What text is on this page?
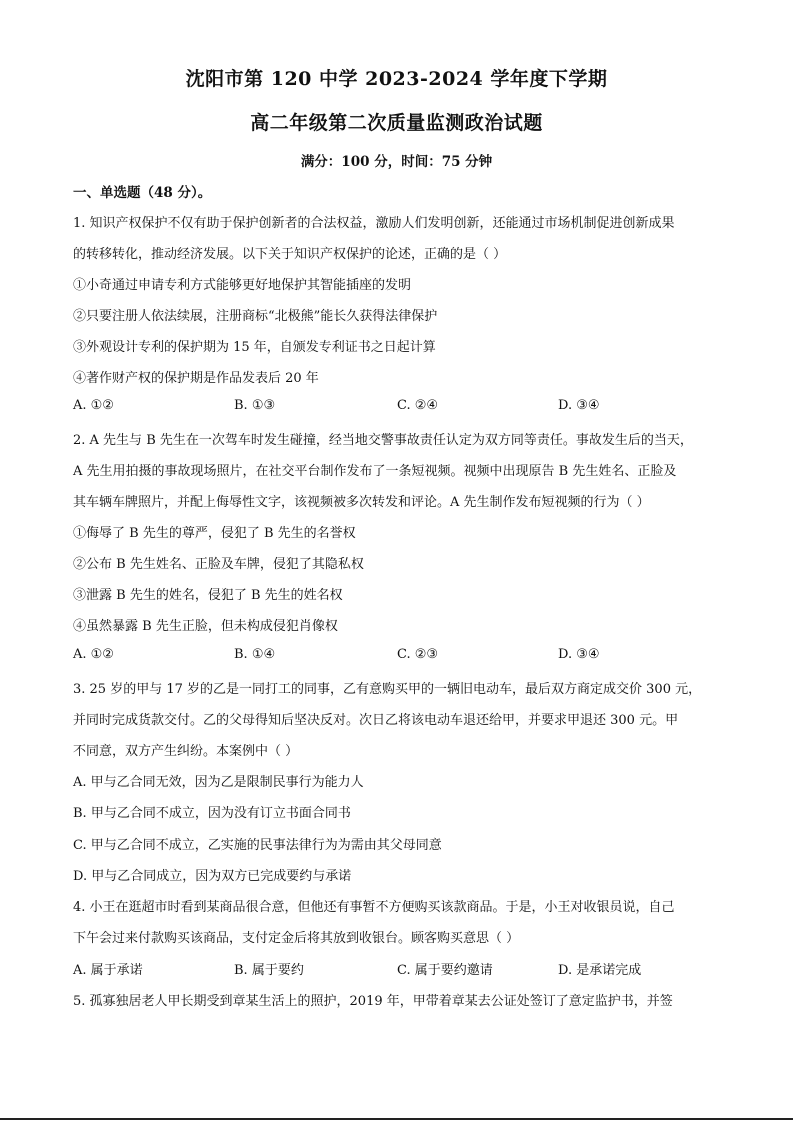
沈阳市第 120 中学 2023-2024 学年度下学期
高二年级第二次质量监测政治试题
满分：100 分，时间：75 分钟
一、单选题（48 分）。
1. 知识产权保护不仅有助于保护创新者的合法权益，激励人们发明创新，还能通过市场机制促进创新成果
的转移转化，推动经济发展。以下关于知识产权保护的论述，正确的是（ ）
①小奇通过申请专利方式能够更好地保护其智能插座的发明
②只要注册人依法续展，注册商标“北极熊”能长久获得法律保护
③外观设计专利的保护期为 15 年，自颁发专利证书之日起计算
④著作财产权的保护期是作品发表后 20 年
A. ①②	B. ①③	C. ②④	D. ③④
2. A 先生与 B 先生在一次驾车时发生碰撞，经当地交警事故责任认定为双方同等责任。事故发生后的当天，
A 先生用拍摄的事故现场照片，在社交平台制作发布了一条短视频。视频中出现原告 B 先生姓名、正脸及
其车辆车牌照片，并配上侮辱性文字，该视频被多次转发和评论。A 先生制作发布短视频的行为（ ）
①侮辱了 B 先生的尊严，侵犯了 B 先生的名誉权
②公布 B 先生姓名、正脸及车牌，侵犯了其隐私权
③泄露 B 先生的姓名，侵犯了 B 先生的姓名权
④虽然暴露 B 先生正脸，但未构成侵犯肖像权
A. ①②	B. ①④	C. ②③	D. ③④
3. 25 岁的甲与 17 岁的乙是一同打工的同事，乙有意购买甲的一辆旧电动车，最后双方商定成交价 300 元，
并同时完成货款交付。乙的父母得知后坚决反对。次日乙将该电动车退还给甲，并要求甲退还 300 元。甲
不同意，双方产生纠纷。本案例中（ ）
A. 甲与乙合同无效，因为乙是限制民事行为能力人
B. 甲与乙合同不成立，因为没有订立书面合同书
C. 甲与乙合同不成立，乙实施的民事法律行为为需由其父母同意
D. 甲与乙合同成立，因为双方已完成要约与承诺
4. 小王在逛超市时看到某商品很合意，但他还有事暂不方便购买该款商品。于是，小王对收银员说，自己
下午会过来付款购买该商品，支付定金后将其放到收银台。顾客购买意思（ ）
A. 属于承诺	B. 属于要约	C. 属于要约邀请	D. 是承诺完成
5. 孤寡独居老人甲长期受到章某生活上的照护，2019 年，甲带着章某去公证处签订了意定监护书，并签
